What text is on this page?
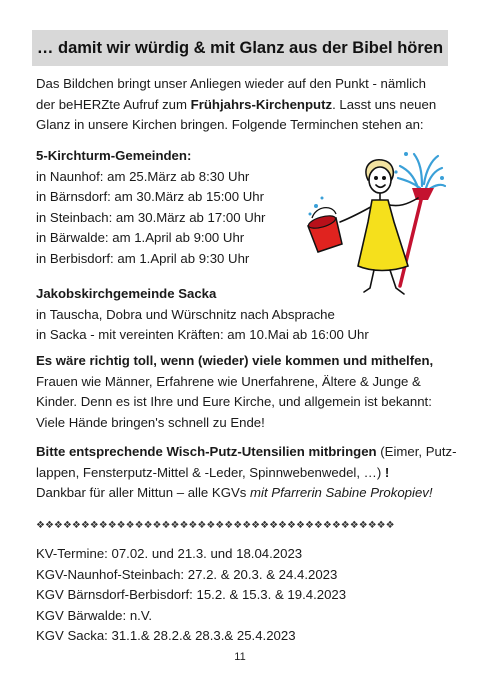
… damit wir würdig & mit Glanz aus der Bibel hören
Das Bildchen bringt unser Anliegen wieder auf den Punkt - nämlich
der beHERZte Aufruf zum Frühjahrs-Kirchenputz. Lasst uns neuen
Glanz in unsere Kirchen bringen. Folgende Terminchen stehen an:
5-Kirchturm-Gemeinden:
in Naunhof: am 25.März ab 8:30 Uhr
in Bärnsdorf: am 30.März ab 15:00 Uhr
in Steinbach: am 30.März ab 17:00 Uhr
in Bärwalde: am 1.April ab 9:00 Uhr
in Berbisdorf: am 1.April ab 9:30 Uhr
Jakobskirchgemeinde Sacka
in Tauscha, Dobra und Würschnitz nach Absprache
in Sacka - mit vereinten Kräften: am 10.Mai ab 16:00 Uhr
Es wäre richtig toll, wenn (wieder) viele kommen und mithelfen,
Frauen wie Männer, Erfahrene wie Unerfahrene, Ältere & Junge &
Kinder. Denn es ist Ihre und Eure Kirche, und allgemein ist bekannt:
Viele Hände bringen's schnell zu Ende!
Bitte entsprechende Wisch-Putz-Utensilien mitbringen (Eimer, Putz-
lappen, Fensterputz-Mittel & -Leder, Spinnwebenwedel, …) !
Dankbar für aller Mittun – alle KGVs mit Pfarrerin Sabine Prokopiev!
❖❖❖❖❖❖❖❖❖❖❖❖❖❖❖❖❖❖❖❖❖❖❖❖❖❖❖❖❖❖❖❖❖❖❖❖❖❖❖❖
KV-Termine: 07.02. und 21.3. und 18.04.2023
KGV-Naunhof-Steinbach: 27.2. & 20.3. & 24.4.2023
KGV Bärnsdorf-Berbisdorf: 15.2. & 15.3. & 19.4.2023
KGV Bärwalde: n.V.
KGV Sacka: 31.1.& 28.2.& 28.3.& 25.4.2023
11
